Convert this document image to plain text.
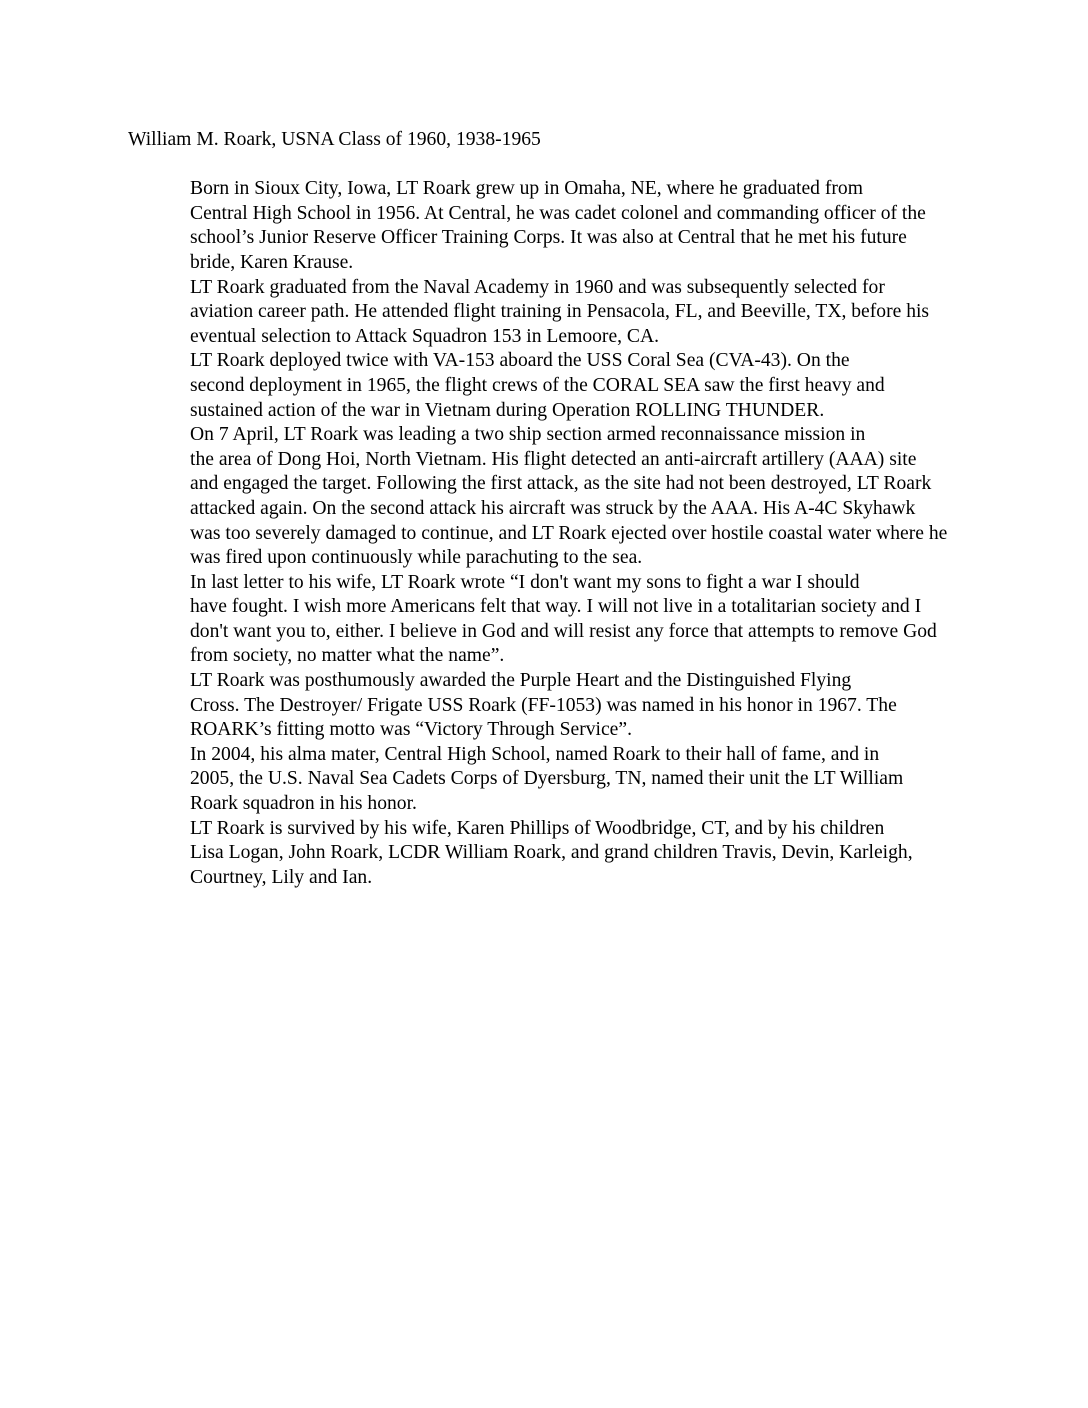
William M. Roark, USNA Class of 1960, 1938-1965

Born in Sioux City, Iowa, LT Roark grew up in Omaha, NE, where he graduated from
Central High School in 1956. At Central, he was cadet colonel and commanding officer of the
school’s Junior Reserve Officer Training Corps. It was also at Central that he met his future
bride, Karen Krause.

LT Roark graduated from the Naval Academy in 1960 and was subsequently selected for
aviation career path. He attended flight training in Pensacola, FL, and Beeville, TX, before his
eventual selection to Attack Squadron 153 in Lemoore, CA.

LT Roark deployed twice with VA-153 aboard the USS Coral Sea (CVA-43). On the
second deployment in 1965, the flight crews of the CORAL SEA saw the first heavy and
sustained action of the war in Vietnam during Operation ROLLING THUNDER.

On 7 April, LT Roark was leading a two ship section armed reconnaissance mission in
the area of Dong Hoi, North Vietnam. His flight detected an anti-aircraft artillery (AAA) site
and engaged the target. Following the first attack, as the site had not been destroyed, LT Roark
attacked again. On the second attack his aircraft was struck by the AAA. His A-4C Skyhawk
was too severely damaged to continue, and LT Roark ejected over hostile coastal water where he
was fired upon continuously while parachuting to the sea.

In last letter to his wife, LT Roark wrote “I don't want my sons to fight a war I should
have fought. I wish more Americans felt that way. I will not live in a totalitarian society and I
don't want you to, either. I believe in God and will resist any force that attempts to remove God
from society, no matter what the name”.

LT Roark was posthumously awarded the Purple Heart and the Distinguished Flying
Cross. The Destroyer/ Frigate USS Roark (FF-1053) was named in his honor in 1967. The
ROARK’s fitting motto was “Victory Through Service”.

In 2004, his alma mater, Central High School, named Roark to their hall of fame, and in
2005, the U.S. Naval Sea Cadets Corps of Dyersburg, TN, named their unit the LT William
Roark squadron in his honor.

LT Roark is survived by his wife, Karen Phillips of Woodbridge, CT, and by his children
Lisa Logan, John Roark, LCDR William Roark, and grand children Travis, Devin, Karleigh,
Courtney, Lily and Ian.
